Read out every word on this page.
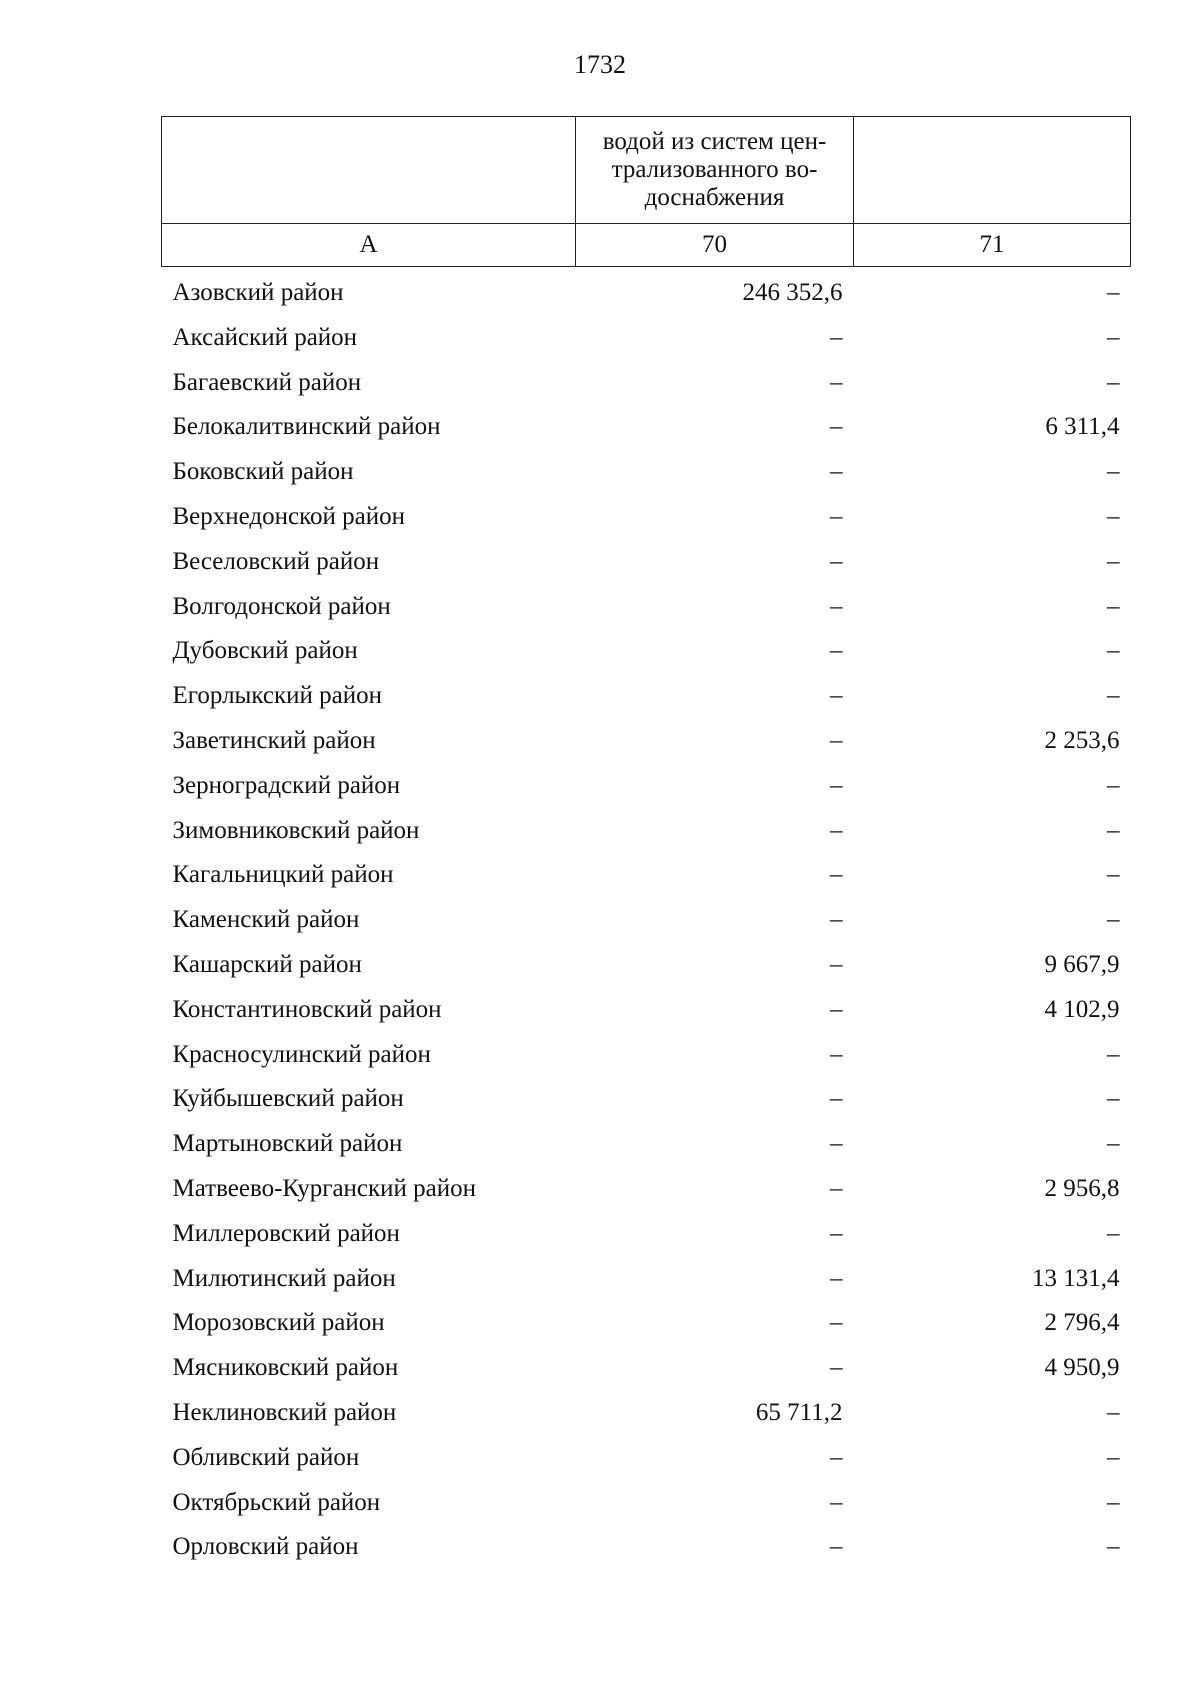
1732

	водой из систем цен-трализованного во-доснабжения	

А	70	71
Азовский район	246 352,6	–
Аксайский район	–	–
Багаевский район	–	–
Белокалитвинский район	–	6 311,4
Боковский район	–	–
Верхнедонской район	–	–
Веселовский район	–	–
Волгодонской район	–	–
Дубовский район	–	–
Егорлыкский район	–	–
Заветинский район	–	2 253,6
Зерноградский район	–	–
Зимовниковский район	–	–
Кагальницкий район	–	–
Каменский район	–	–
Кашарский район	–	9 667,9
Константиновский район	–	4 102,9
Красносулинский район	–	–
Куйбышевский район	–	–
Мартыновский район	–	–
Матвеево-Курганский район	–	2 956,8
Миллеровский район	–	–
Милютинский район	–	13 131,4
Морозовский район	–	2 796,4
Мясниковский район	–	4 950,9
Неклиновский район	65 711,2	–
Обливский район	–	–
Октябрьский район	–	–
Орловский район	–	–
